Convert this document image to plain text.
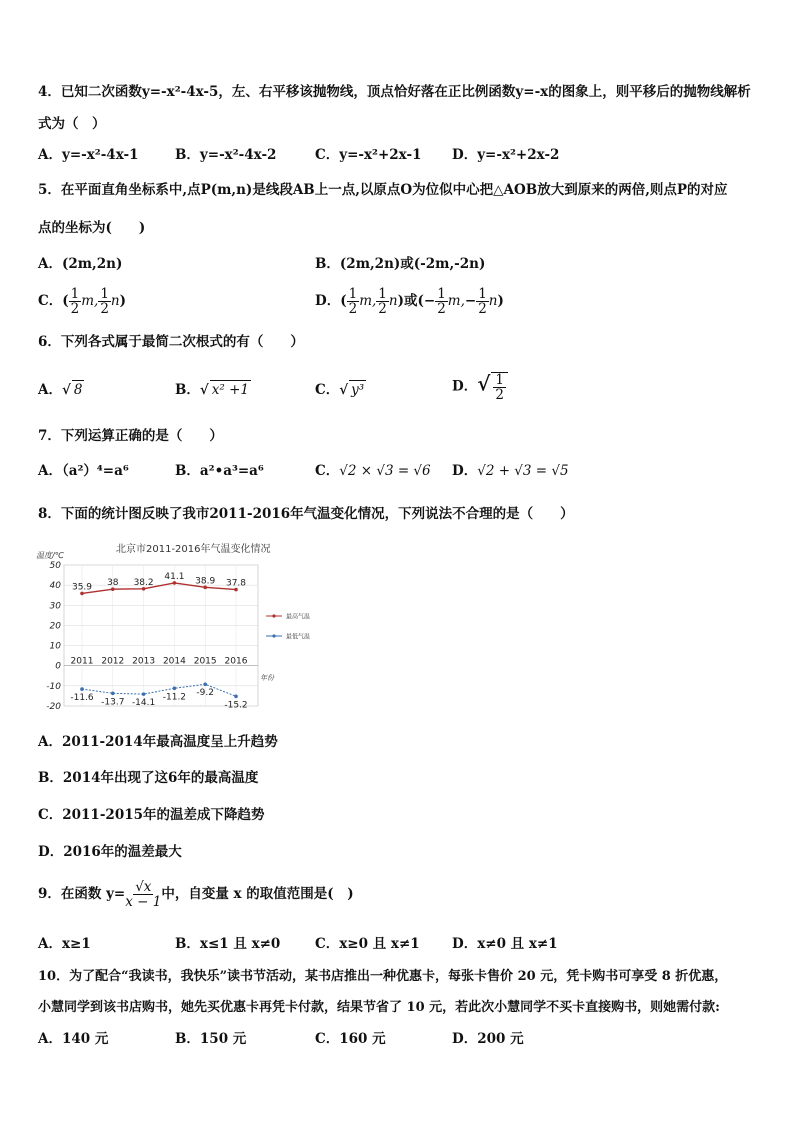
4．已知二次函数y=-x²-4x-5，左、右平移该抛物线，顶点恰好落在正比例函数y=-x的图象上，则平移后的抛物线解析
式为（　）
A．y=-x²-4x-1	B．y=-x²-4x-2	C．y=-x²+2x-1 D．y=-x²+2x-2
5．在平面直角坐标系中,点P(m,n)是线段AB上一点,以原点O为位似中心把△AOB放大到原来的两倍,则点P的对应
点的坐标为(　　)
A．(2m,2n)	B．(2m,2n)或(-2m,-2n)
C．( $\frac{1}{2} m$, $\frac{1}{2} n$)	D．( $\frac{1}{2} m$, $\frac{1}{2} n$)或(− $\frac{1}{2} m,- \frac{1}{2} n$)
6．下列各式属于最简二次根式的有（　　）
A．√ 8	B．√ x² +1	C．√ y³	D．√ $\frac{1}{2}$
7．下列运算正确的是（　　）
A．（a²）⁴=a⁶	B．a²•a³=a⁶	C．√2 × √3 = √6 D．√2 + √3 = √5
8．下面的统计图反映了我市2011-2016年气温变化情况，下列说法不合理的是（　　）
50
40
30
20
10
0
-10
-20
2011 2012 2013 2014 2015 2016
北京市2011-2016年气温变化情况
温度/℃
年份
35.9 38 38.2
41.1 38.9 37.8
-11.6 -13.7 -14.1
-11.2 -9.2
-15.2
最高气温
最低气温
A．2011-2014年最高温度呈上升趋势
B．2014年出现了这6年的最高温度
C．2011-2015年的温差成下降趋势
D．2016年的温差最大
9．在函数 $y= \frac{√x}{x - 1}$ 中，自变量 x 的取值范围是(　)
A．x≥1	B．x≤1 且 x≠0	C．x≥0 且 x≠1 D．x≠0 且 x≠1
10．为了配合“我读书，我快乐”读书节活动，某书店推出一种优惠卡，每张卡售价 20 元，凭卡购书可享受 8 折优惠，
小慧同学到该书店购书，她先买优惠卡再凭卡付款，结果节省了 10 元，若此次小慧同学不买卡直接购书，则她需付款:
A．140 元	B．150 元	C．160 元	D．200 元
